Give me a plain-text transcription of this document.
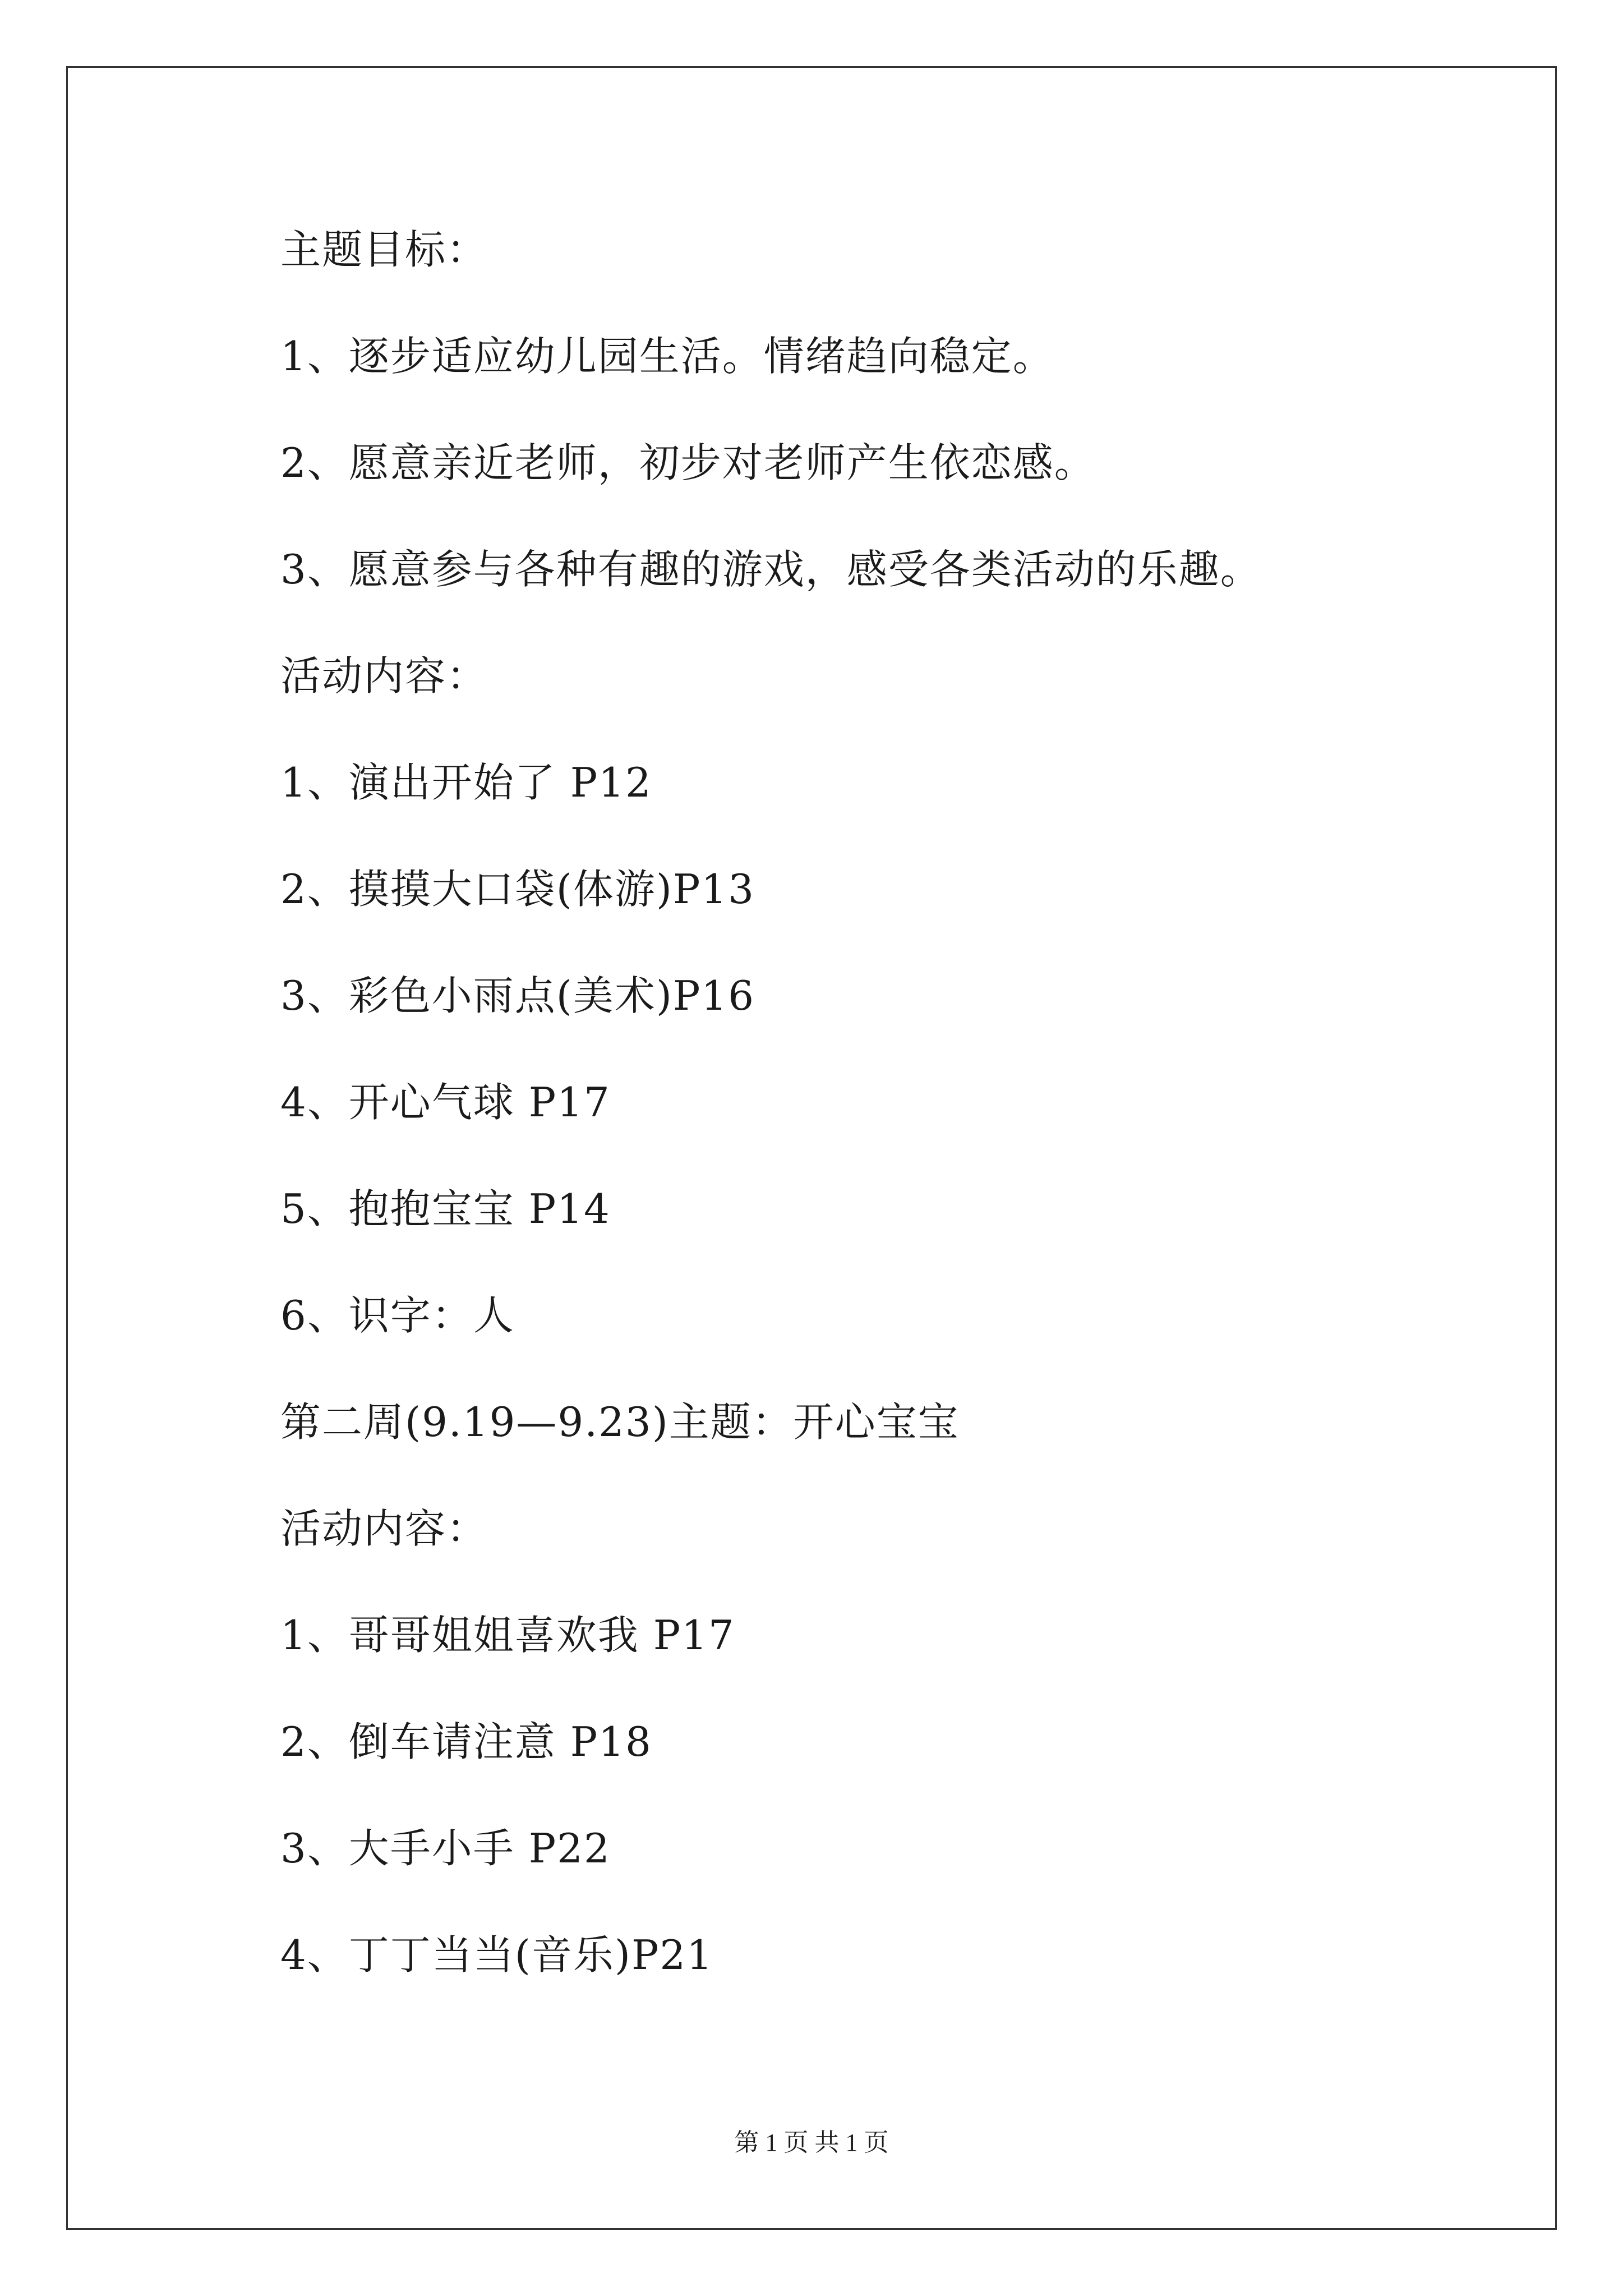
主题目标：
1、逐步适应幼儿园生活。情绪趋向稳定。
2、愿意亲近老师，初步对老师产生依恋感。
3、愿意参与各种有趣的游戏，感受各类活动的乐趣。
活动内容：
1、演出开始了 P12
2、摸摸大口袋(体游)P13
3、彩色小雨点(美术)P16
4、开心气球 P17
5、抱抱宝宝 P14
6、识字：人
第二周(9.19—9.23)主题：开心宝宝
活动内容：
1、哥哥姐姐喜欢我 P17
2、倒车请注意 P18
3、大手小手 P22
4、丁丁当当(音乐)P21
第 1 页 共 1 页
